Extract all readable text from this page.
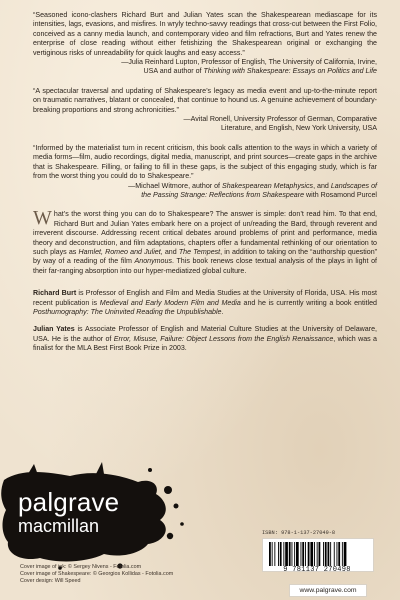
“Seasoned icono-clashers Richard Burt and Julian Yates scan the Shakespearean mediascape for its intensities, lags, evasions, and misfires. In wryly techno-savvy readings that cross-cut between the First Folio, conceived as a canny media launch, and contemporary video and film refractions, Burt and Yates renew the enterprise of close reading without either fetishizing the Shakespearean original or exchanging the vertiginous risks of unreadability for quick laughs and easy access.”

—Julia Reinhard Lupton, Professor of English, The University of California, Irvine,
USA and author of Thinking with Shakespeare: Essays on Politics and Life

“A spectacular traversal and updating of Shakespeare’s legacy as media event and up-to-the-minute report on traumatic narratives, blatant or concealed, that continue to hound us. A genuine achievement of boundary-breaking proportions and strong achronicities.”

—Avital Ronell, University Professor of German, Comparative
Literature, and English, New York University, USA

“Informed by the materialist turn in recent criticism, this book calls attention to the ways in which a variety of media forms—film, audio recordings, digital media, manuscript, and print sources—create gaps in the archive that is Shakespeare. Filling, or failing to fill in these gaps, is the subject of this engaging study, which is far from the worst thing you could do to Shakespeare.”

—Michael Witmore, author of Shakespearean Metaphysics, and Landscapes of
the Passing Strange: Reflections from Shakespeare with Rosamond Purcel

What’s the worst thing you can do to Shakespeare? The answer is simple: don’t read him. To that end, Richard Burt and Julian Yates embark here on a project of un/reading the Bard, through reverent and irreverent discourse. Addressing recent critical debates around problems of print and performance, media theory and deconstruction, and film adaptations, chapters offer a fundamental rethinking of our orientation to such plays as Hamlet, Romeo and Juliet, and The Tempest, in addition to taking on the “authorship question” by way of a reading of the film Anonymous. This book renews close textual analysis of the plays in light of their far-ranging absorption into our hyper-mediatized global culture.

Richard Burt is Professor of English and Film and Media Studies at the University of Florida, USA. His most recent publication is Medieval and Early Modern Film and Media and he is currently writing a book entitled Posthumography: The Uninvited Reading the Unpublishable.

Julian Yates is Associate Professor of English and Material Culture Studies at the University of Delaware, USA. He is the author of Error, Misuse, Failure: Object Lessons from the English Renaissance, which was a finalist for the MLA Best First Book Prize in 2003.

palgrave
macmillan
Cover image of ink: © Sergey Nivens - Fotolia.com
Cover image of Shakespeare: © Georgios Kollidas - Fotolia.com
Cover design: Will Speed
ISBN: 978-1-137-27049-8
9 781137 270498
www.palgrave.com
